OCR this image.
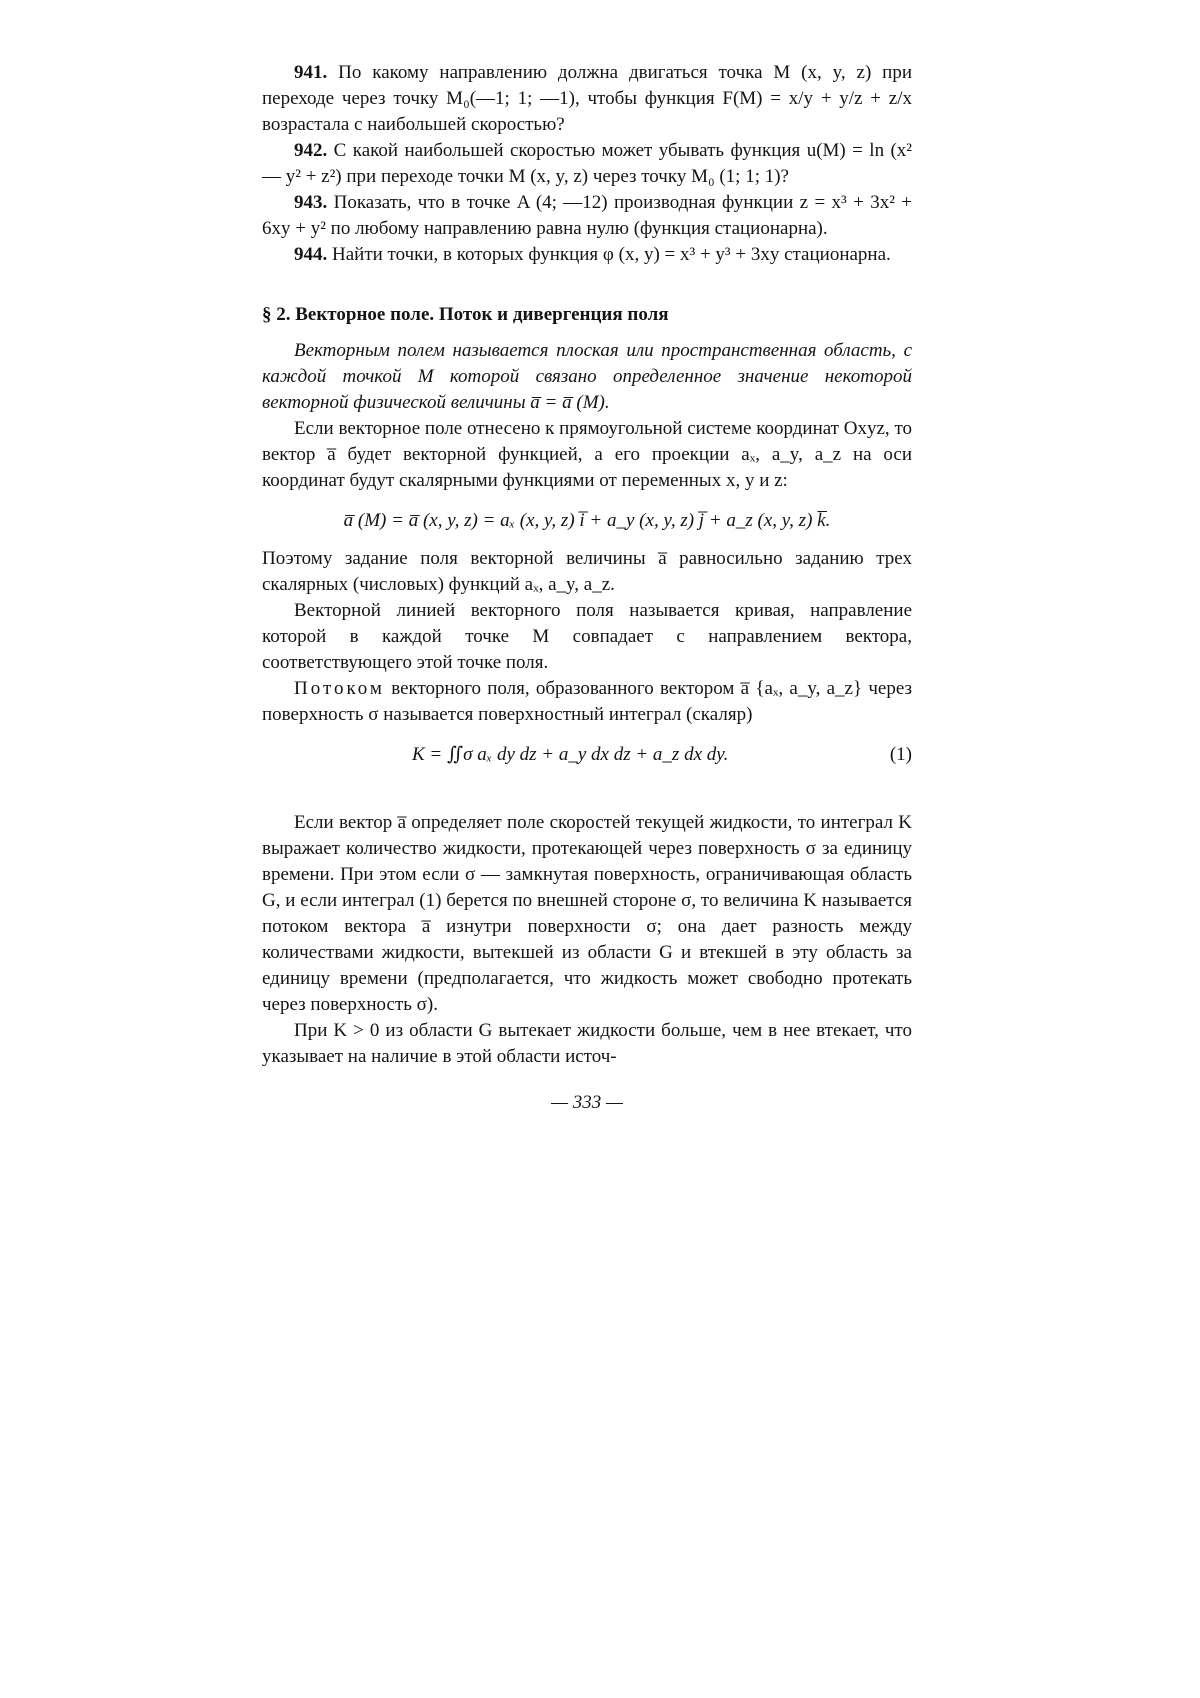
941. По какому направлению должна двигаться точка M (x, y, z) при переходе через точку M₀(—1; 1; —1), чтобы функция F(M) = x/y + y/z + z/x возрастала с наибольшей скоростью?

942. С какой наибольшей скоростью может убывать функция u(M) = ln (x² — y² + z²) при переходе точки M (x, y, z) через точку M₀ (1; 1; 1)?

943. Показать, что в точке A (4; —12) производная функции z = x³ + 3x² + 6xy + y² по любому направлению равна нулю (функция стационарна).

944. Найти точки, в которых функция φ (x, y) = x³ + y³ + 3xy стационарна.

§ 2. Векторное поле. Поток и дивергенция поля

Векторным полем называется плоская или пространственная область, с каждой точкой M которой связано определенное значение некоторой векторной физической величины a̅ = a̅ (M).

Если векторное поле отнесено к прямоугольной системе координат Oxyz, то вектор a̅ будет векторной функцией, а его проекции aₓ, a_y, a_z на оси координат будут скалярными функциями от переменных x, y и z:

a̅ (M) = a̅ (x, y, z) = aₓ (x, y, z) i̅ + a_y (x, y, z) j̅ + a_z (x, y, z) k̅.

Поэтому задание поля векторной величины a̅ равносильно заданию трех скалярных (числовых) функций aₓ, a_y, a_z.

Векторной линией векторного поля называется кривая, направление которой в каждой точке M совпадает с направлением вектора, соответствующего этой точке поля.

Потоком векторного поля, образованного вектором a̅ {aₓ, a_y, a_z} через поверхность σ называется поверхностный интеграл (скаляр)

K = ∬σ aₓ dy dz + a_y dx dz + a_z dx dy.	(1)

Если вектор a̅ определяет поле скоростей текущей жидкости, то интеграл K выражает количество жидкости, протекающей через поверхность σ за единицу времени. При этом если σ — замкнутая поверхность, ограничивающая область G, и если интеграл (1) берется по внешней стороне σ, то величина K называется потоком вектора a̅ изнутри поверхности σ; она дает разность между количествами жидкости, вытекшей из области G и втекшей в эту область за единицу времени (предполагается, что жидкость может свободно протекать через поверхность σ).

При K > 0 из области G вытекает жидкости больше, чем в нее втекает, что указывает на наличие в этой области источ-

— 333 —
